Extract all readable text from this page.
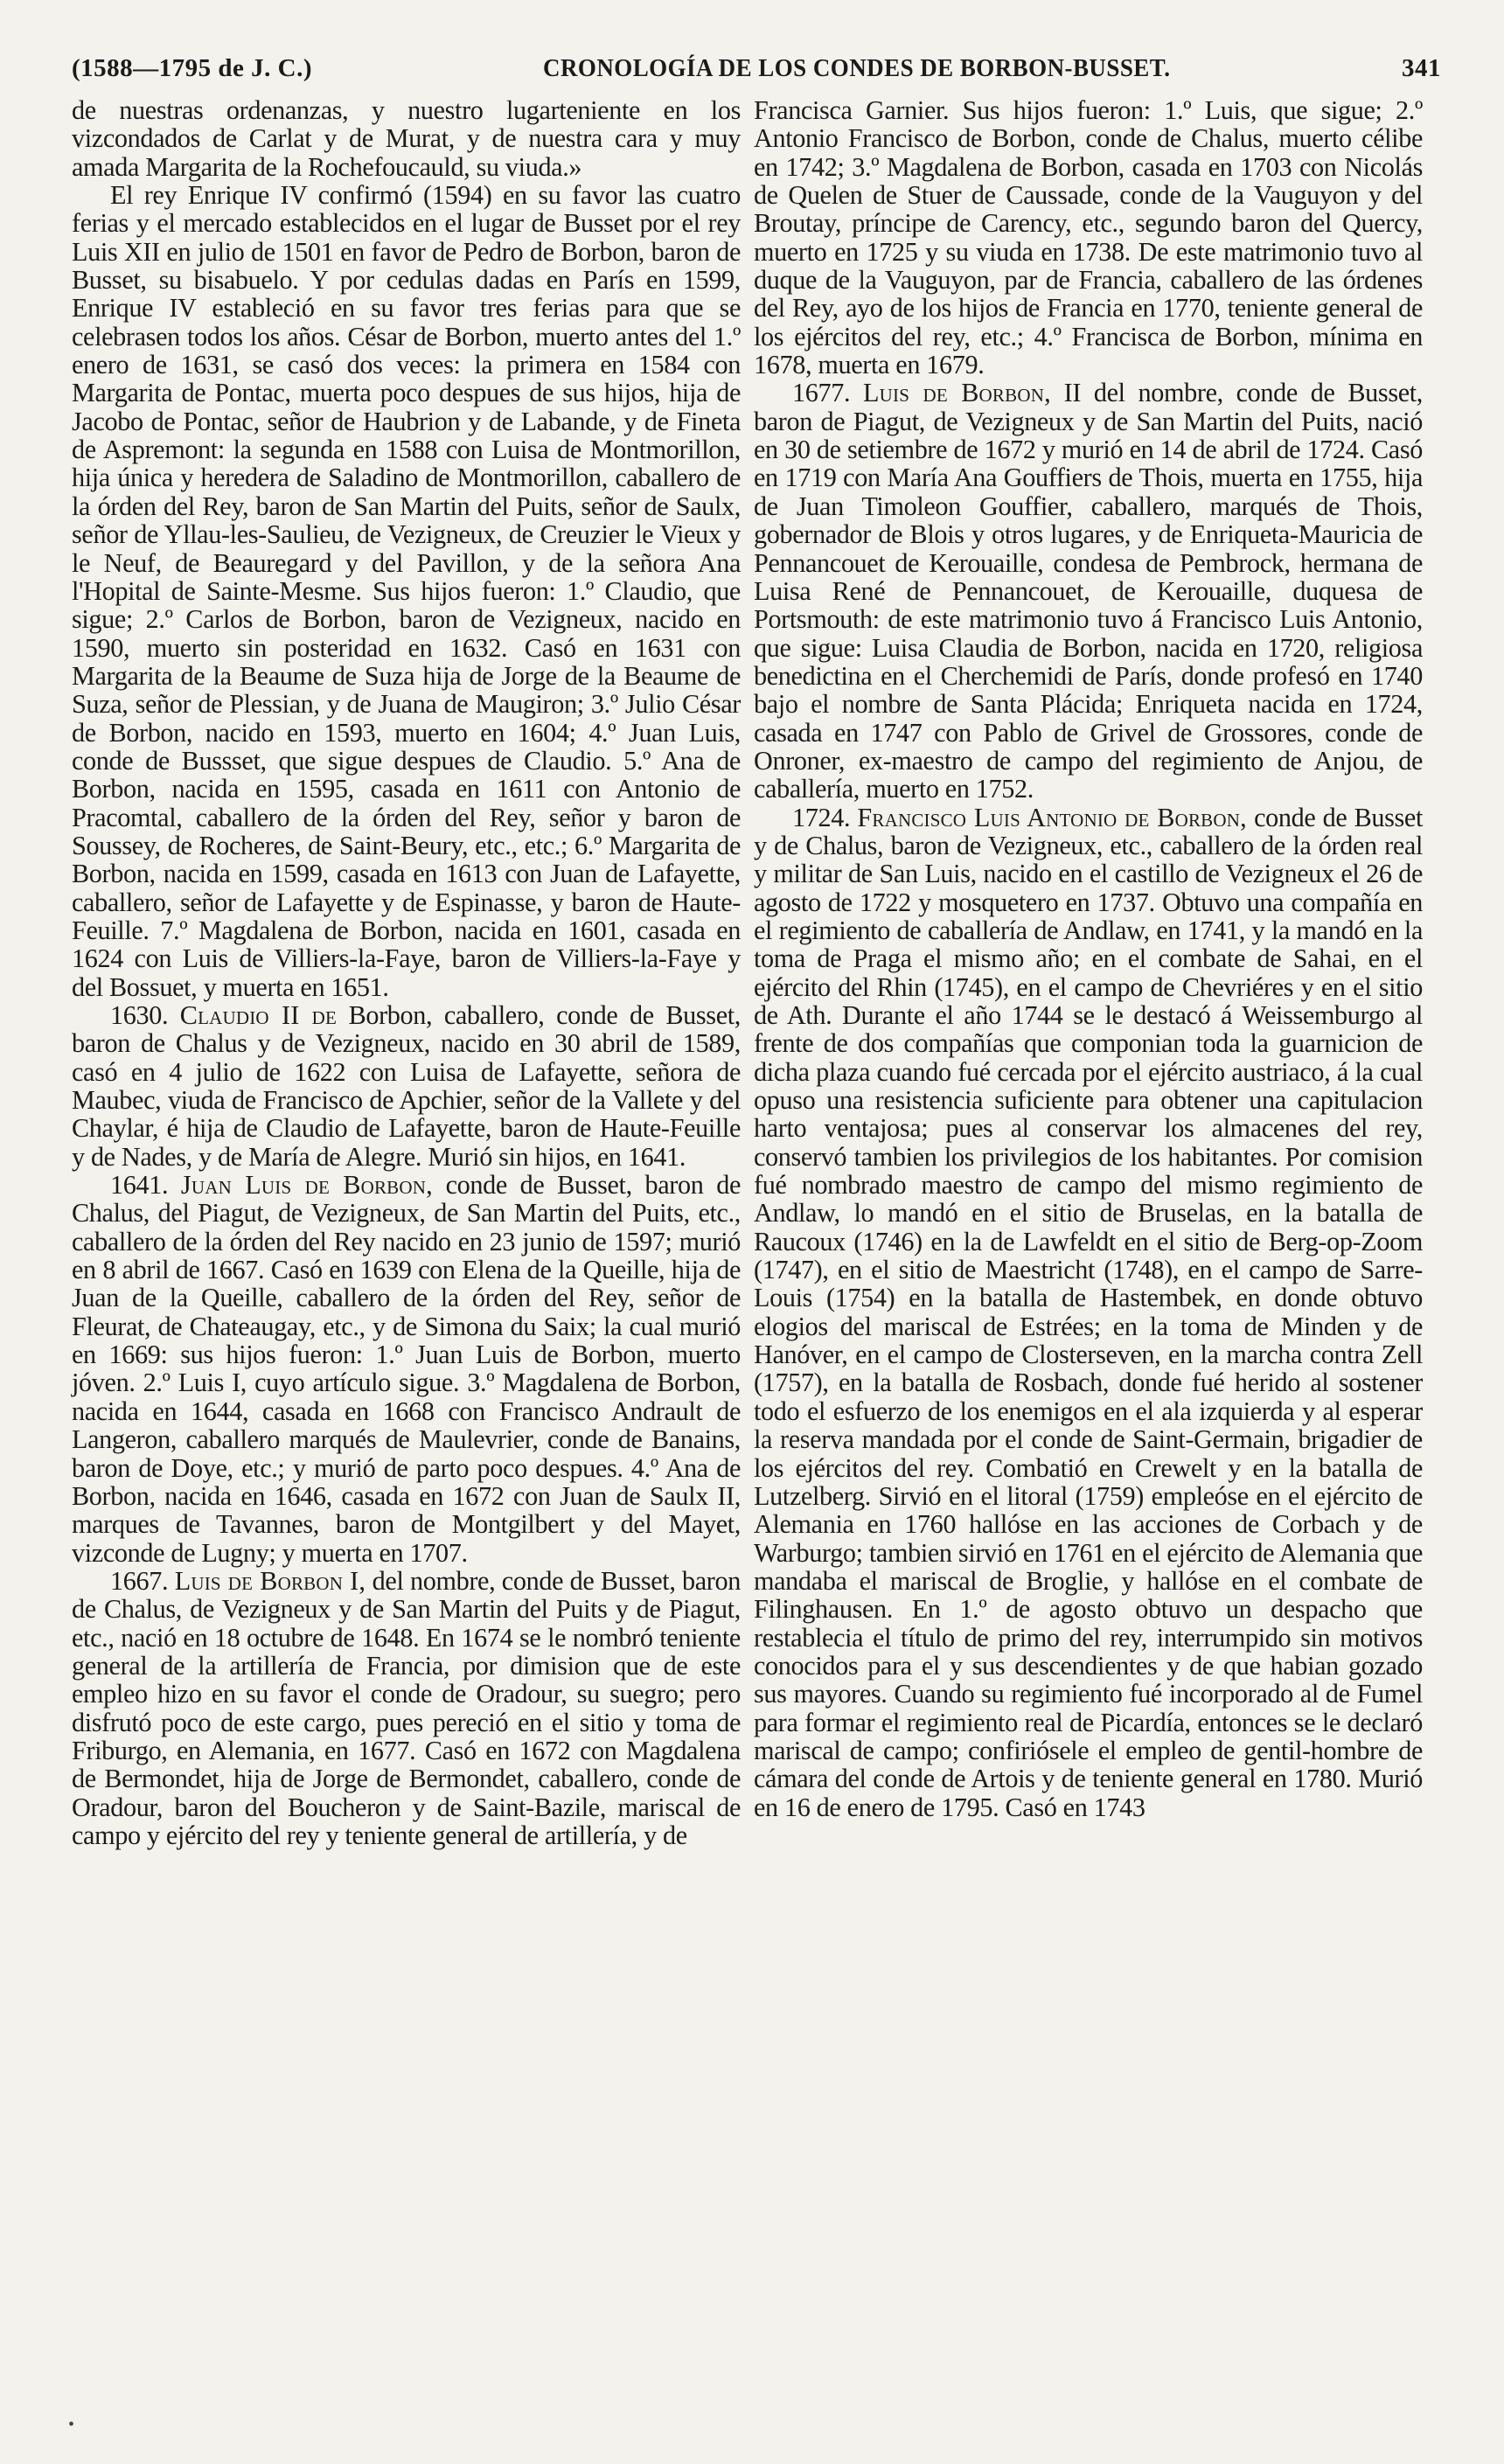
(1588—1795 de J. C.)	CRONOLOGÍA DE LOS CONDES DE BORBON-BUSSET.	341

de nuestras ordenanzas, y nuestro lugarteniente en los vizcondados de Carlat y de Murat, y de nuestra cara y muy amada Margarita de la Rochefoucauld, su viuda.»

El rey Enrique IV confirmó (1594) en su favor las cuatro ferias y el mercado establecidos en el lugar de Busset por el rey Luis XII en julio de 1501 en favor de Pedro de Borbon, baron de Busset, su bisabuelo. Y por cedulas dadas en París en 1599, Enrique IV estableció en su favor tres ferias para que se celebrasen todos los años. César de Borbon, muerto antes del 1.º enero de 1631, se casó dos veces: la primera en 1584 con Margarita de Pontac, muerta poco despues de sus hijos, hija de Jacobo de Pontac, señor de Haubrion y de Labande, y de Fineta de Aspremont: la segunda en 1588 con Luisa de Montmorillon, hija única y heredera de Saladino de Montmorillon, caballero de la órden del Rey, baron de San Martin del Puits, señor de Saulx, señor de Yllau-les-Saulieu, de Vezigneux, de Creuzier le Vieux y le Neuf, de Beauregard y del Pavillon, y de la señora Ana l'Hopital de Sainte-Mesme. Sus hijos fueron: 1.º Claudio, que sigue; 2.º Carlos de Borbon, baron de Vezigneux, nacido en 1590, muerto sin posteridad en 1632. Casó en 1631 con Margarita de la Beaume de Suza hija de Jorge de la Beaume de Suza, señor de Plessian, y de Juana de Maugiron; 3.º Julio César de Borbon, nacido en 1593, muerto en 1604; 4.º Juan Luis, conde de Bussset, que sigue despues de Claudio. 5.º Ana de Borbon, nacida en 1595, casada en 1611 con Antonio de Pracomtal, caballero de la órden del Rey, señor y baron de Soussey, de Rocheres, de Saint-Beury, etc., etc.; 6.º Margarita de Borbon, nacida en 1599, casada en 1613 con Juan de Lafayette, caballero, señor de Lafayette y de Espinasse, y baron de Haute-Feuille. 7.º Magdalena de Borbon, nacida en 1601, casada en 1624 con Luis de Villiers-la-Faye, baron de Villiers-la-Faye y del Bossuet, y muerta en 1651.

1630. Claudio II de Borbon, caballero, conde de Busset, baron de Chalus y de Vezigneux, nacido en 30 abril de 1589, casó en 4 julio de 1622 con Luisa de Lafayette, señora de Maubec, viuda de Francisco de Apchier, señor de la Vallete y del Chaylar, é hija de Claudio de Lafayette, baron de Haute-Feuille y de Nades, y de María de Alegre. Murió sin hijos, en 1641.

1641. Juan Luis de Borbon, conde de Busset, baron de Chalus, del Piagut, de Vezigneux, de San Martin del Puits, etc., caballero de la órden del Rey nacido en 23 junio de 1597; murió en 8 abril de 1667. Casó en 1639 con Elena de la Queille, hija de Juan de la Queille, caballero de la órden del Rey, señor de Fleurat, de Chateaugay, etc., y de Simona du Saix; la cual murió en 1669: sus hijos fueron: 1.º Juan Luis de Borbon, muerto jóven. 2.º Luis I, cuyo artículo sigue. 3.º Magdalena de Borbon, nacida en 1644, casada en 1668 con Francisco Andrault de Langeron, caballero marqués de Maulevrier, conde de Banains, baron de Doye, etc.; y murió de parto poco despues. 4.º Ana de Borbon, nacida en 1646, casada en 1672 con Juan de Saulx II, marques de Tavannes, baron de Montgilbert y del Mayet, vizconde de Lugny; y muerta en 1707.

1667. Luis de Borbon I, del nombre, conde de Busset, baron de Chalus, de Vezigneux y de San Martin del Puits y de Piagut, etc., nació en 18 octubre de 1648. En 1674 se le nombró teniente general de la artillería de Francia, por dimision que de este empleo hizo en su favor el conde de Oradour, su suegro; pero disfrutó poco de este cargo, pues pereció en el sitio y toma de Friburgo, en Alemania, en 1677. Casó en 1672 con Magdalena de Bermondet, hija de Jorge de Bermondet, caballero, conde de Oradour, baron del Boucheron y de Saint-Bazile, mariscal de campo y ejército del rey y teniente general de artillería, y de

Francisca Garnier. Sus hijos fueron: 1.º Luis, que sigue; 2.º Antonio Francisco de Borbon, conde de Chalus, muerto célibe en 1742; 3.º Magdalena de Borbon, casada en 1703 con Nicolás de Quelen de Stuer de Caussade, conde de la Vauguyon y del Broutay, príncipe de Carency, etc., segundo baron del Quercy, muerto en 1725 y su viuda en 1738. De este matrimonio tuvo al duque de la Vauguyon, par de Francia, caballero de las órdenes del Rey, ayo de los hijos de Francia en 1770, teniente general de los ejércitos del rey, etc.; 4.º Francisca de Borbon, mínima en 1678, muerta en 1679.

1677. Luis de Borbon, II del nombre, conde de Busset, baron de Piagut, de Vezigneux y de San Martin del Puits, nació en 30 de setiembre de 1672 y murió en 14 de abril de 1724. Casó en 1719 con María Ana Gouffiers de Thois, muerta en 1755, hija de Juan Timoleon Gouffier, caballero, marqués de Thois, gobernador de Blois y otros lugares, y de Enriqueta-Mauricia de Pennancouet de Kerouaille, condesa de Pembrock, hermana de Luisa René de Pennancouet, de Kerouaille, duquesa de Portsmouth: de este matrimonio tuvo á Francisco Luis Antonio, que sigue: Luisa Claudia de Borbon, nacida en 1720, religiosa benedictina en el Cherchemidi de París, donde profesó en 1740 bajo el nombre de Santa Plácida; Enriqueta nacida en 1724, casada en 1747 con Pablo de Grivel de Grossores, conde de Onroner, ex-maestro de campo del regimiento de Anjou, de caballería, muerto en 1752.

1724. Francisco Luis Antonio de Borbon, conde de Busset y de Chalus, baron de Vezigneux, etc., caballero de la órden real y militar de San Luis, nacido en el castillo de Vezigneux el 26 de agosto de 1722 y mosquetero en 1737. Obtuvo una compañía en el regimiento de caballería de Andlaw, en 1741, y la mandó en la toma de Praga el mismo año; en el combate de Sahai, en el ejército del Rhin (1745), en el campo de Chevriéres y en el sitio de Ath. Durante el año 1744 se le destacó á Weissemburgo al frente de dos compañías que componian toda la guarnicion de dicha plaza cuando fué cercada por el ejército austriaco, á la cual opuso una resistencia suficiente para obtener una capitulacion harto ventajosa; pues al conservar los almacenes del rey, conservó tambien los privilegios de los habitantes. Por comision fué nombrado maestro de campo del mismo regimiento de Andlaw, lo mandó en el sitio de Bruselas, en la batalla de Raucoux (1746) en la de Lawfeldt en el sitio de Berg-op-Zoom (1747), en el sitio de Maestricht (1748), en el campo de Sarre-Louis (1754) en la batalla de Hastembek, en donde obtuvo elogios del mariscal de Estrées; en la toma de Minden y de Hanóver, en el campo de Closterseven, en la marcha contra Zell (1757), en la batalla de Rosbach, donde fué herido al sostener todo el esfuerzo de los enemigos en el ala izquierda y al esperar la reserva mandada por el conde de Saint-Germain, brigadier de los ejércitos del rey. Combatió en Crewelt y en la batalla de Lutzelberg. Sirvió en el litoral (1759) empleóse en el ejército de Alemania en 1760 hallóse en las acciones de Corbach y de Warburgo; tambien sirvió en 1761 en el ejército de Alemania que mandaba el mariscal de Broglie, y hallóse en el combate de Filinghausen. En 1.º de agosto obtuvo un despacho que restablecia el título de primo del rey, interrumpido sin motivos conocidos para el y sus descendientes y de que habian gozado sus mayores. Cuando su regimiento fué incorporado al de Fumel para formar el regimiento real de Picardía, entonces se le declaró mariscal de campo; confiriósele el empleo de gentil-hombre de cámara del conde de Artois y de teniente general en 1780. Murió en 16 de enero de 1795. Casó en 1743

•
